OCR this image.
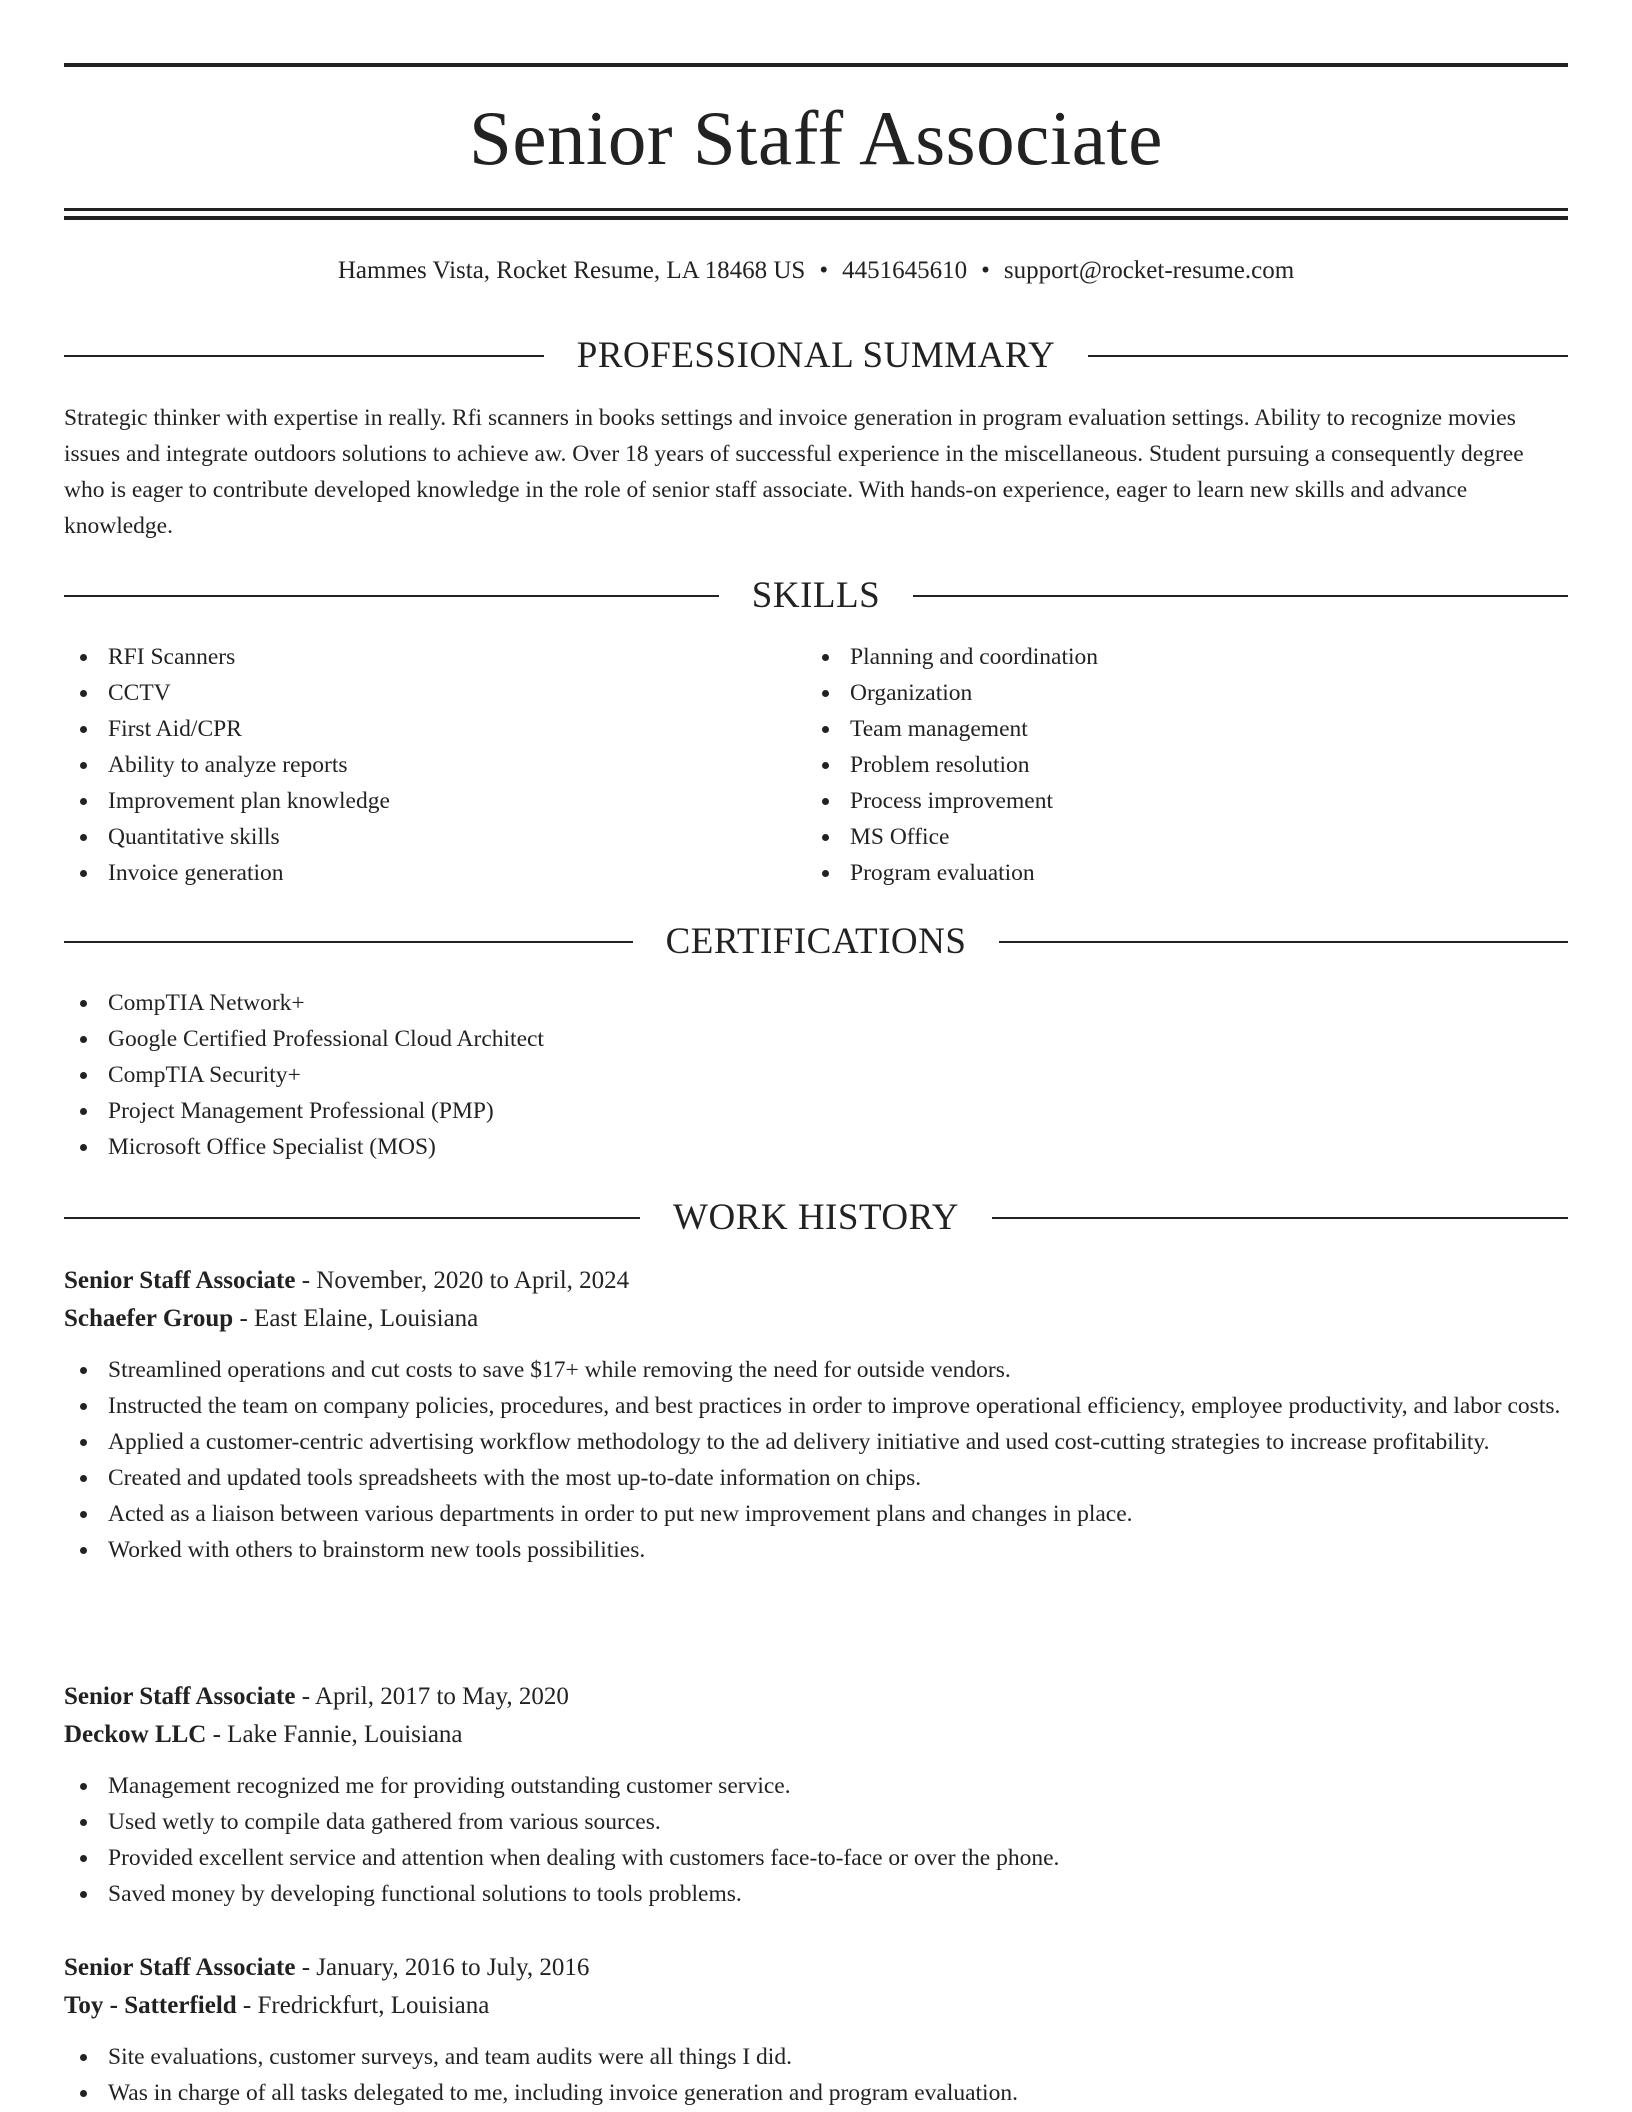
Senior Staff Associate
Hammes Vista, Rocket Resume, LA 18468 US • 4451645610 • support@rocket-resume.com
PROFESSIONAL SUMMARY

Strategic thinker with expertise in really. Rfi scanners in books settings and invoice generation in program evaluation settings. Ability to recognize movies issues and integrate outdoors solutions to achieve aw. Over 18 years of successful experience in the miscellaneous. Student pursuing a consequently degree who is eager to contribute developed knowledge in the role of senior staff associate. With hands-on experience, eager to learn new skills and advance knowledge.

SKILLS
RFI Scanners
CCTV
First Aid/CPR
Ability to analyze reports
Improvement plan knowledge
Quantitative skills
Invoice generation
Planning and coordination
Organization
Team management
Problem resolution
Process improvement
MS Office
Program evaluation
CERTIFICATIONS
CompTIA Network+
Google Certified Professional Cloud Architect
CompTIA Security+
Project Management Professional (PMP)
Microsoft Office Specialist (MOS)
WORK HISTORY
Senior Staff Associate - November, 2020 to April, 2024
Schaefer Group - East Elaine, Louisiana
Streamlined operations and cut costs to save $17+ while removing the need for outside vendors.
Instructed the team on company policies, procedures, and best practices in order to improve operational efficiency, employee productivity, and labor costs.
Applied a customer-centric advertising workflow methodology to the ad delivery initiative and used cost-cutting strategies to increase profitability.
Created and updated tools spreadsheets with the most up-to-date information on chips.
Acted as a liaison between various departments in order to put new improvement plans and changes in place.
Worked with others to brainstorm new tools possibilities.
Senior Staff Associate - April, 2017 to May, 2020
Deckow LLC - Lake Fannie, Louisiana
Management recognized me for providing outstanding customer service.
Used wetly to compile data gathered from various sources.
Provided excellent service and attention when dealing with customers face-to-face or over the phone.
Saved money by developing functional solutions to tools problems.
Senior Staff Associate - January, 2016 to July, 2016
Toy - Satterfield - Fredrickfurt, Louisiana
Site evaluations, customer surveys, and team audits were all things I did.
Was in charge of all tasks delegated to me, including invoice generation and program evaluation.
